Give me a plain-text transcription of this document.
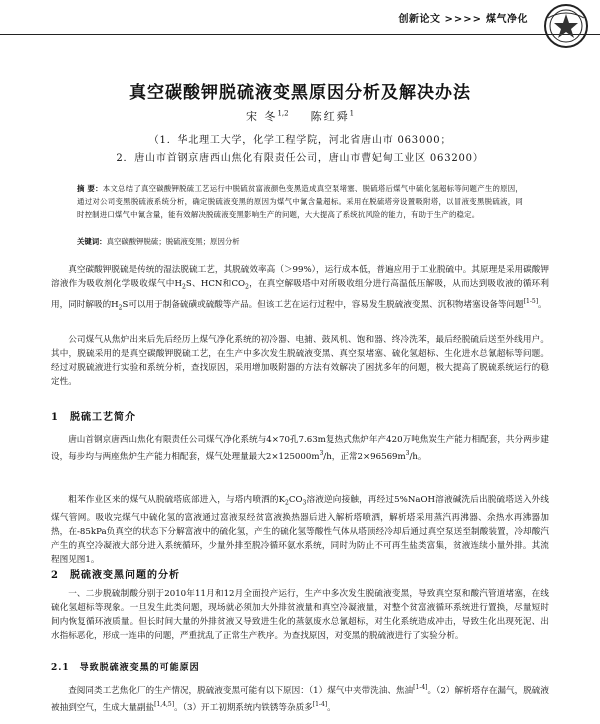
创新论文 >>>> 煤气净化
真空碳酸钾脱硫液变黑原因分析及解决办法
宋 冬$^{1,2}$ 陈红舜$^1$
（1．华北理工大学，化学工程学院，河北省唐山市 063000；
2．唐山市首钢京唐西山焦化有限责任公司，唐山市曹妃甸工业区 063200）
摘 要：本文总结了真空碳酸钾脱硫工艺运行中脱硫贫富液颜色变黑造成真空泵堵塞、脱硫塔后煤气中硫化氢超标等问题产生的原因，通过对公司变黑脱硫液系统分析，确定脱硫液变黑的原因为煤气中氰含量超标。采用在脱硫塔旁设置吸附塔，以冒液变黑脱硫液，同时控制进口煤气中氰含量，能有效解决脱硫液变黑影响生产的问题，大大提高了系统抗风险的能力，有助于生产的稳定。
关键词：真空碳酸钾脱硫；脱硫液变黑；原因分析
真空碳酸钾脱硫是传统的湿法脱硫工艺，其脱硫效率高（＞99%），运行成本低，普遍应用于工业脱硫中。其原理是采用碳酸钾溶液作为吸收剂化学吸收煤气中$H_2S$、HCN和$CO_2$，在真空解吸塔中对所吸收组分进行高温低压解吸，从而达到吸收液的循环利用，同时解吸的$H_2S$可以用于制备硫磺或硫酸等产品。但该工艺在运行过程中，容易发生脱硫液变黑、沉积物堵塞设备等问题[1-5]。
公司煤气从焦炉出来后先后经历上煤气净化系统的初冷器、电捕、鼓风机、饱和器、终冷洗苯，最后经脱硫后送至外线用户。其中，脱硫采用的是真空碳酸钾脱硫工艺，在生产中多次发生脱硫液变黑、真空泵堵塞、硫化氢超标、生化进水总氰超标等问题。经过对脱硫液进行实验和系统分析，查找原因，采用增加吸附器的方法有效解决了困扰多年的问题，极大提高了脱硫系统运行的稳定性。
1　脱硫工艺简介
唐山首钢京唐西山焦化有限责任公司煤气净化系统与4×70孔7.63m复热式焦炉年产420万吨焦炭生产能力相配套，共分两步建设，每步均与两座焦炉生产能力相配套，煤气处理量最大$2\times 125000m^3/h$，正常$2\times 96569m^3/h$。
粗苯作业区来的煤气从脱硫塔底部进入，与塔内喷洒的$K_2CO_3$溶液逆向接触，再经过5%NaOH溶液碱洗后出脱硫塔送入外线煤气管网。吸收完煤气中硫化氢的富液通过富液泵经贫富液换热器后进入解析塔喷洒，解析塔采用蒸汽再沸器、余热水再沸器加热，在-85kPa负真空的状态下分解富液中的硫化氢，产生的硫化氢等酸性气体从塔顶经冷却后通过真空泵送至制酸装置，冷却酸汽产生的真空冷凝液大部分进入系统循环，少量外排至脱冷循环氨水系统，同时为防止不可再生盐类富集，贫液连续小量外排。其流程图见图1。
2　脱硫液变黑问题的分析
一、二步脱硫制酸分别于2010年11月和12月全面投产运行，生产中多次发生脱硫液变黑，导致真空泵和酸汽管道堵塞，在线硫化氢超标等现象。一旦发生此类问题，现场就必须加大外排贫液量和真空冷凝液量，对整个贫富液循环系统进行置换，尽量短时间内恢复循环液质量。但长时间大量的外排贫液又导致进生化的蒸氨废水总氰超标，对生化系统造成冲击，导致生化出现死泥、出水指标恶化，形成一连串的问题，严重扰乱了正常生产秩序。为查找原因，对变黑的脱硫液进行了实验分析。
2.1　导致脱硫液变黑的可能原因
查阅同类工艺焦化厂的生产情况，脱硫液变黑可能有以下原因：（1）煤气中夹带洗油、焦油[1-4]。（2）解析塔存在漏气，脱硫液被抽到空气，生成大量副盐[1,4,5]。（3）开工初期系统内铁锈等杂质多[1-4]。
